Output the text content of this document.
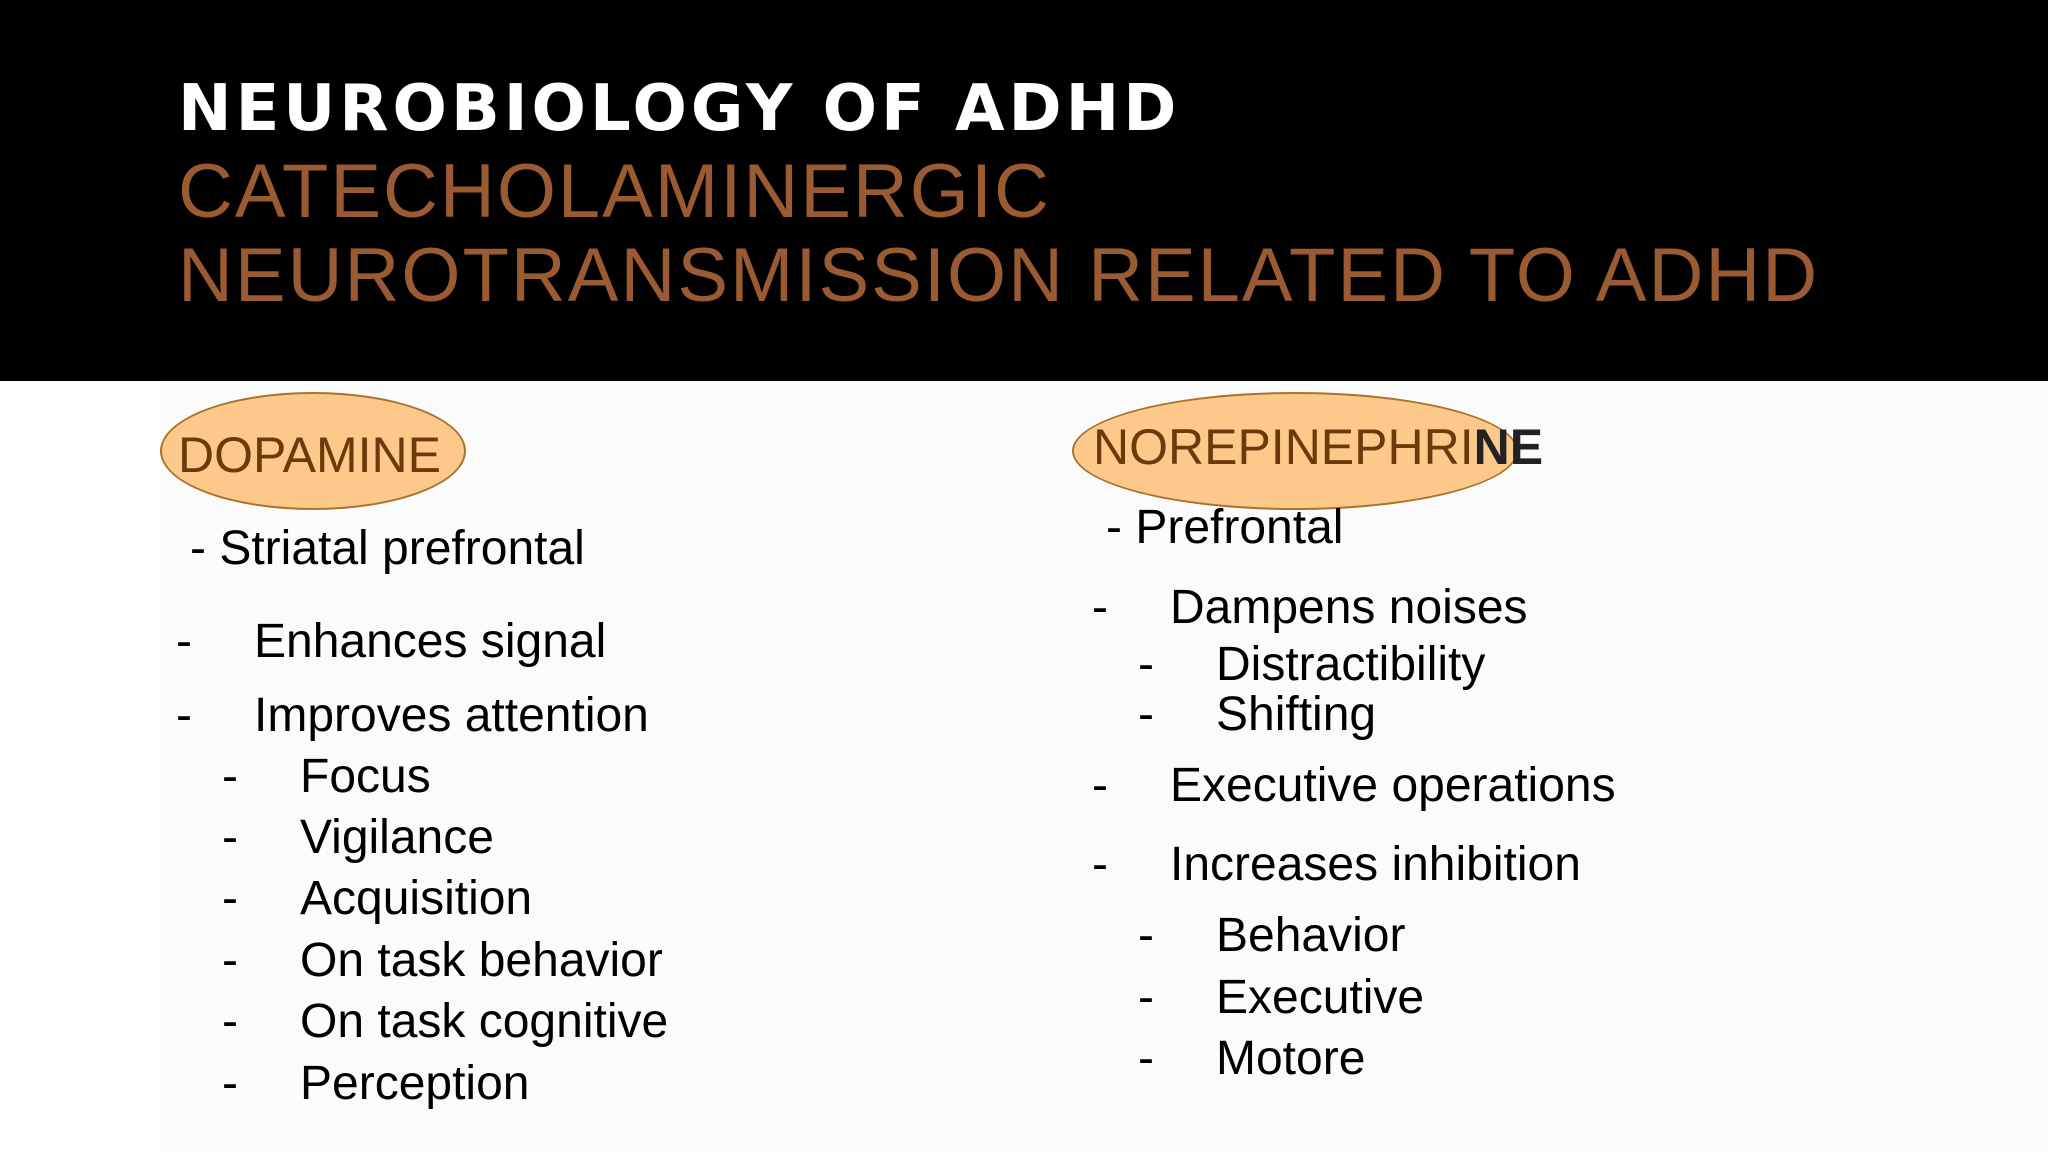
NEUROBIOLOGY OF ADHD
CATECHOLAMINERGIC
NEUROTRANSMISSION RELATED TO ADHD
DOPAMINE
- Striatal prefrontal
- Enhances signal
- Improves attention
- Focus
- Vigilance
- Acquisition
- On task behavior
- On task cognitive
- Perception
NOREPINEPHRINE
- Prefrontal
- Dampens noises
- Distractibility
- Shifting
- Executive operations
- Increases inhibition
- Behavior
- Executive
- Motore
